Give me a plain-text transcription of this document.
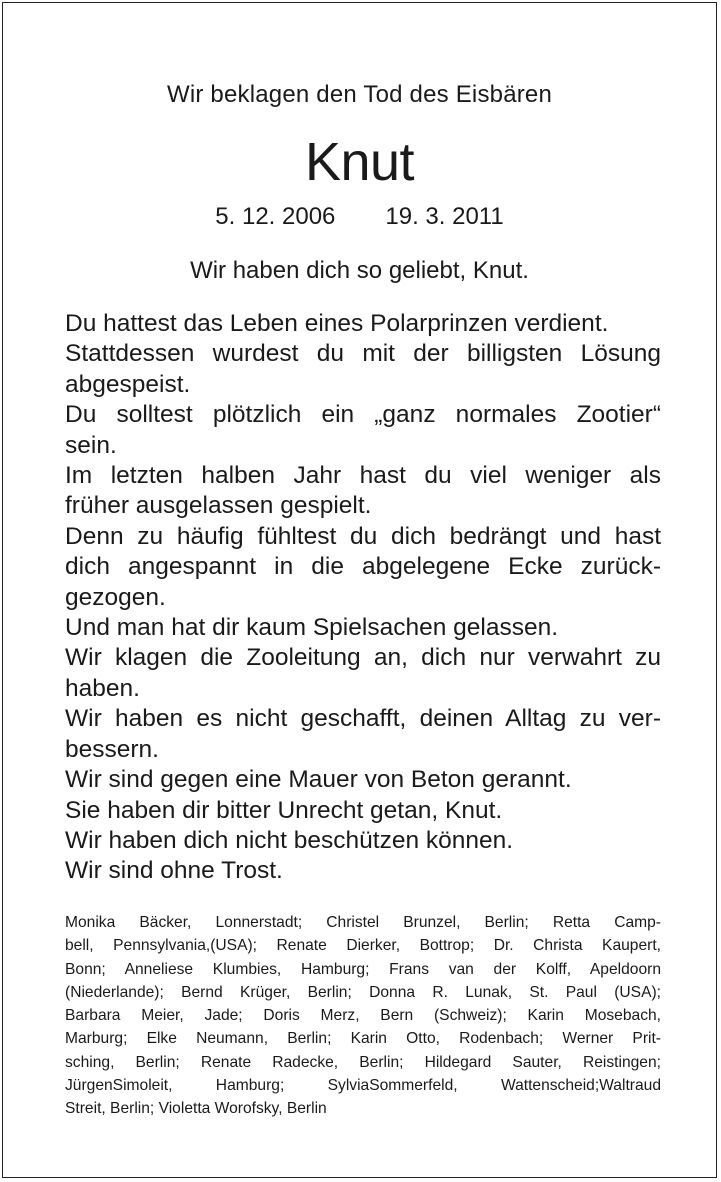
Wir beklagen den Tod des Eisbären
Knut
5. 12. 2006 19. 3. 2011
Wir haben dich so geliebt, Knut.
Du hattest das Leben eines Polarprinzen verdient.
Stattdessen wurdest du mit der billigsten Lösung
abgespeist.
Du solltest plötzlich ein „ganz normales Zootier“
sein.
Im letzten halben Jahr hast du viel weniger als
früher ausgelassen gespielt.
Denn zu häufig fühltest du dich bedrängt und hast
dich angespannt in die abgelegene Ecke zurück-
gezogen.
Und man hat dir kaum Spielsachen gelassen.
Wir klagen die Zooleitung an, dich nur verwahrt zu
haben.
Wir haben es nicht geschafft, deinen Alltag zu ver-
bessern.
Wir sind gegen eine Mauer von Beton gerannt.
Sie haben dir bitter Unrecht getan, Knut.
Wir haben dich nicht beschützen können.
Wir sind ohne Trost.
Monika Bäcker, Lonnerstadt; Christel Brunzel, Berlin; Retta Camp-
bell, Pennsylvania,(USA); Renate Dierker, Bottrop; Dr. Christa Kaupert,
Bonn; Anneliese Klumbies, Hamburg; Frans van der Kolff, Apeldoorn
(Niederlande); Bernd Krüger, Berlin; Donna R. Lunak, St. Paul (USA);
Barbara Meier, Jade; Doris Merz, Bern (Schweiz); Karin Mosebach,
Marburg; Elke Neumann, Berlin; Karin Otto, Rodenbach; Werner Prit-
sching, Berlin; Renate Radecke, Berlin; Hildegard Sauter, Reistingen;
JürgenSimoleit, Hamburg; SylviaSommerfeld, Wattenscheid;Waltraud
Streit, Berlin; Violetta Worofsky, Berlin
